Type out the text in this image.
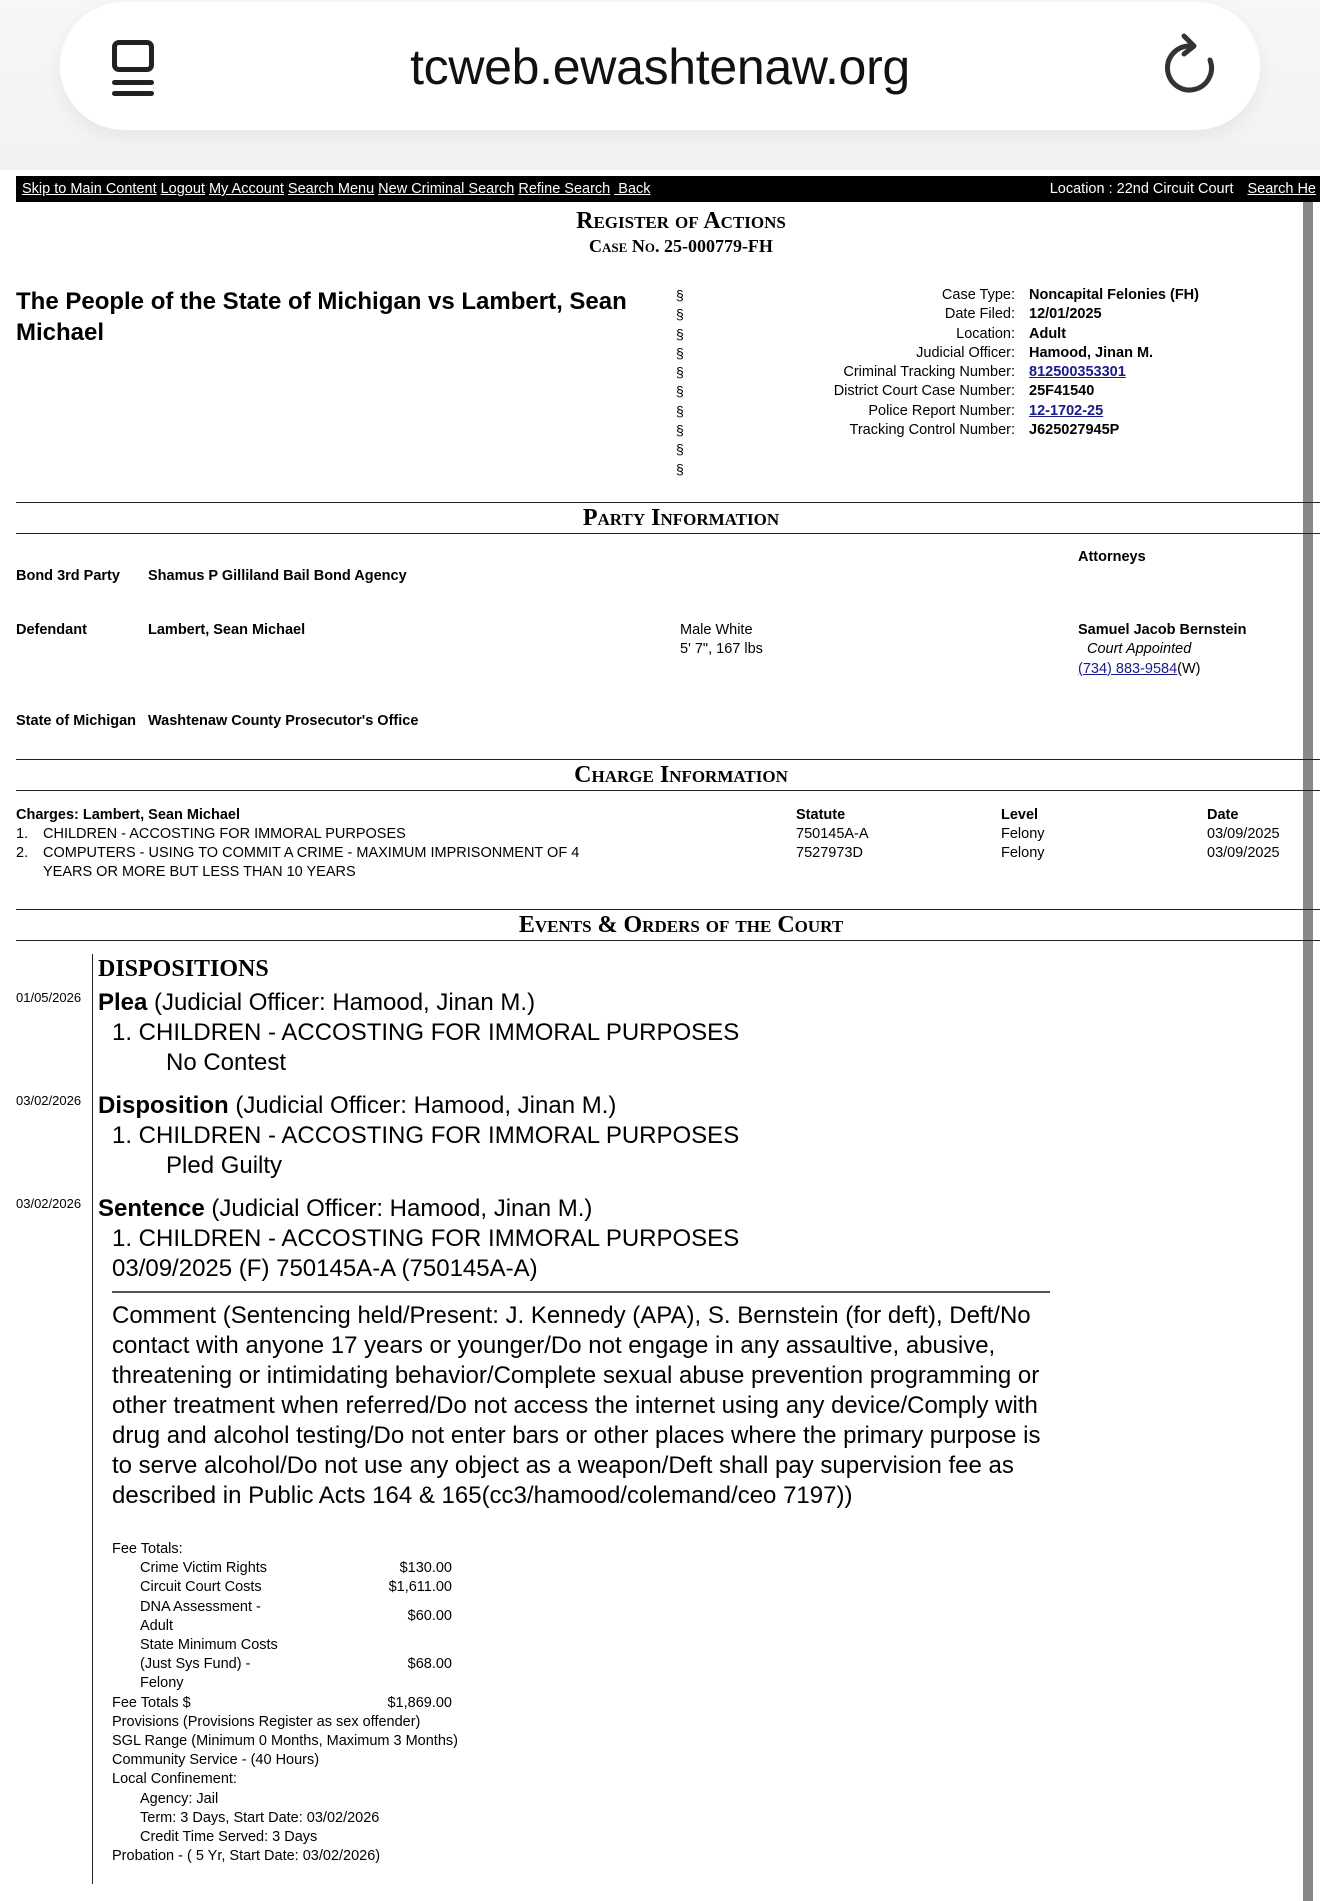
tcweb.ewashtenaw.org
Skip to Main Content Logout My Account Search Menu New Criminal Search Refine Search Back	Location : 22nd Circuit Court Search He
Register of Actions
Case No. 25-000779-FH
The People of the State of Michigan vs Lambert, Sean Michael
§
§
§
§
§
§
§
§
§
§
Case Type: Noncapital Felonies (FH)
Date Filed: 12/01/2025
Location: Adult
Judicial Officer: Hamood, Jinan M.
Criminal Tracking Number: 812500353301
District Court Case Number: 25F41540
Police Report Number: 12-1702-25
Tracking Control Number: J625027945P
Party Information
Attorneys
Bond 3rd Party Shamus P Gilliland Bail Bond Agency
Defendant	Lambert, Sean Michael	Male White
5' 7", 167 lbs
Samuel Jacob Bernstein
Court Appointed
(734) 883-9584(W)
State of Michigan Washtenaw County Prosecutor's Office
Charge Information
Charges: Lambert, Sean Michael	Statute	Level	Date
1. CHILDREN - ACCOSTING FOR IMMORAL PURPOSES	750145A-A	Felony	03/09/2025
2. COMPUTERS - USING TO COMMIT A CRIME - MAXIMUM IMPRISONMENT OF 4
YEARS OR MORE BUT LESS THAN 10 YEARS
7527973D	Felony	03/09/2025
Events & Orders of the Court
DISPOSITIONS
01/05/2026 Plea (Judicial Officer: Hamood, Jinan M.)
1. CHILDREN - ACCOSTING FOR IMMORAL PURPOSES
No Contest
03/02/2026 Disposition (Judicial Officer: Hamood, Jinan M.)
1. CHILDREN - ACCOSTING FOR IMMORAL PURPOSES
Pled Guilty
03/02/2026 Sentence (Judicial Officer: Hamood, Jinan M.)
1. CHILDREN - ACCOSTING FOR IMMORAL PURPOSES
03/09/2025 (F) 750145A-A (750145A-A)
Comment (Sentencing held/Present: J. Kennedy (APA), S. Bernstein (for deft), Deft/No contact with anyone 17 years or younger/Do not engage in any assaultive, abusive, threatening or intimidating behavior/Complete sexual abuse prevention programming or other treatment when referred/Do not access the internet using any device/Comply with drug and alcohol testing/Do not enter bars or other places where the primary purpose is to serve alcohol/Do not use any object as a weapon/Deft shall pay supervision fee as described in Public Acts 164 & 165(cc3/hamood/colemand/ceo 7197))
Fee Totals:
Crime Victim Rights	$130.00
Circuit Court Costs	$1,611.00
DNA Assessment - Adult
$60.00
State Minimum Costs (Just Sys Fund) - Felony
$68.00
Fee Totals $	$1,869.00
Provisions (Provisions Register as sex offender)
SGL Range (Minimum 0 Months, Maximum 3 Months)
Community Service - (40 Hours)
Local Confinement:
Agency: Jail
Term: 3 Days, Start Date: 03/02/2026
Credit Time Served: 3 Days
Probation - ( 5 Yr, Start Date: 03/02/2026)
